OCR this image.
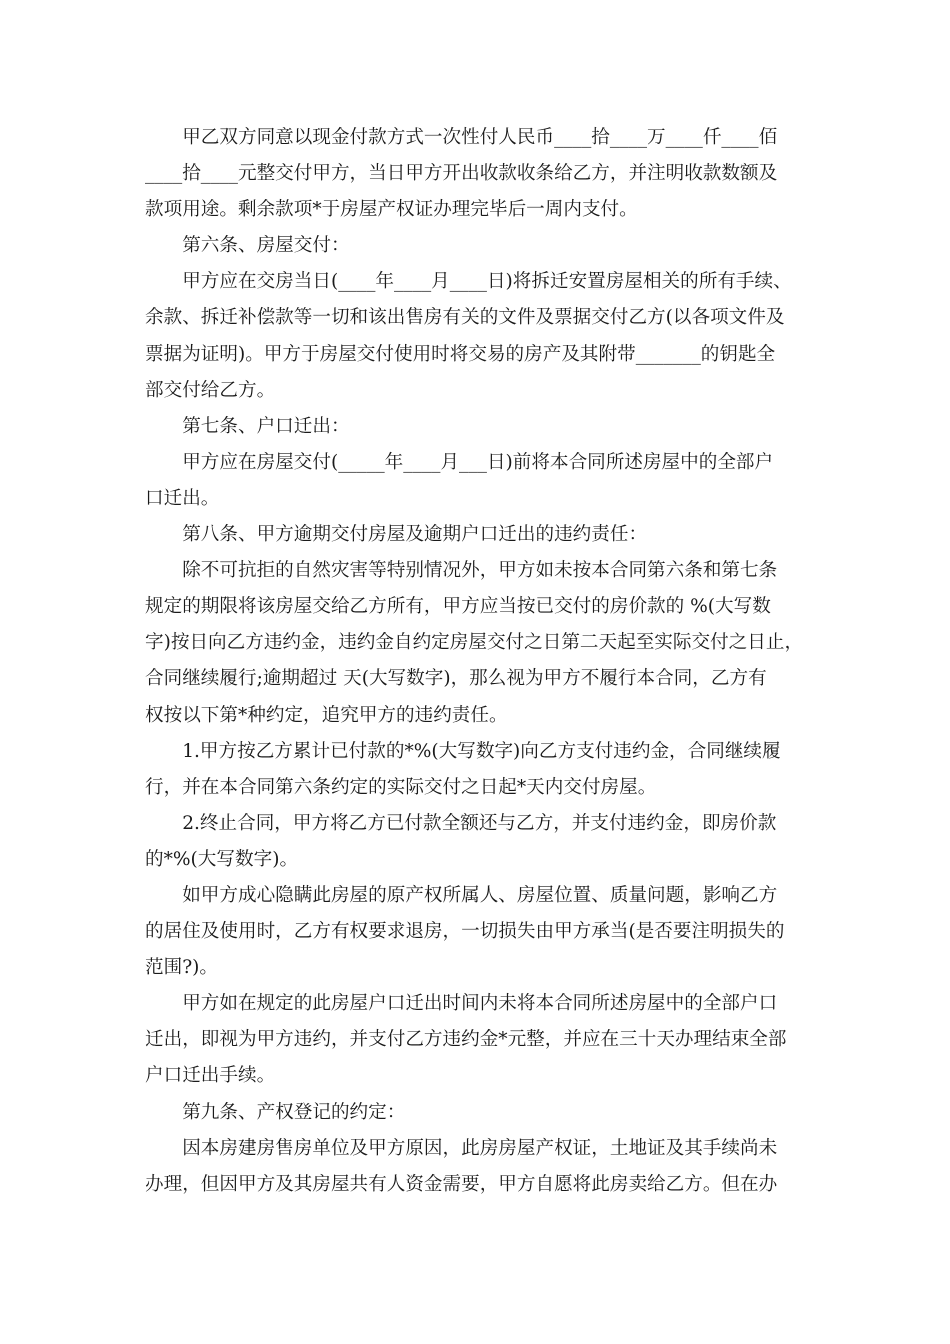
甲乙双方同意以现金付款方式一次性付人民币____拾____万____仟____佰
____拾____元整交付甲方，当日甲方开出收款收条给乙方，并注明收款数额及
款项用途。剩余款项*于房屋产权证办理完毕后一周内支付。
第六条、房屋交付：
甲方应在交房当日(____年____月____日)将拆迁安置房屋相关的所有手续、
余款、拆迁补偿款等一切和该出售房有关的文件及票据交付乙方(以各项文件及
票据为证明)。甲方于房屋交付使用时将交易的房产及其附带_______的钥匙全
部交付给乙方。
第七条、户口迁出：
甲方应在房屋交付(_____年____月___日)前将本合同所述房屋中的全部户
口迁出。
第八条、甲方逾期交付房屋及逾期户口迁出的违约责任：
除不可抗拒的自然灾害等特别情况外，甲方如未按本合同第六条和第七条
规定的期限将该房屋交给乙方所有，甲方应当按已交付的房价款的 %(大写数
字)按日向乙方违约金，违约金自约定房屋交付之日第二天起至实际交付之日止，
合同继续履行;逾期超过 天(大写数字)，那么视为甲方不履行本合同，乙方有
权按以下第*种约定，追究甲方的违约责任。
1.甲方按乙方累计已付款的*%(大写数字)向乙方支付违约金，合同继续履
行，并在本合同第六条约定的实际交付之日起*天内交付房屋。
2.终止合同，甲方将乙方已付款全额还与乙方，并支付违约金，即房价款
的*%(大写数字)。
如甲方成心隐瞒此房屋的原产权所属人、房屋位置、质量问题，影响乙方
的居住及使用时，乙方有权要求退房，一切损失由甲方承当(是否要注明损失的
范围?)。
甲方如在规定的此房屋户口迁出时间内未将本合同所述房屋中的全部户口
迁出，即视为甲方违约，并支付乙方违约金*元整，并应在三十天办理结束全部
户口迁出手续。
第九条、产权登记的约定：
因本房建房售房单位及甲方原因，此房房屋产权证，土地证及其手续尚未
办理，但因甲方及其房屋共有人资金需要，甲方自愿将此房卖给乙方。但在办
